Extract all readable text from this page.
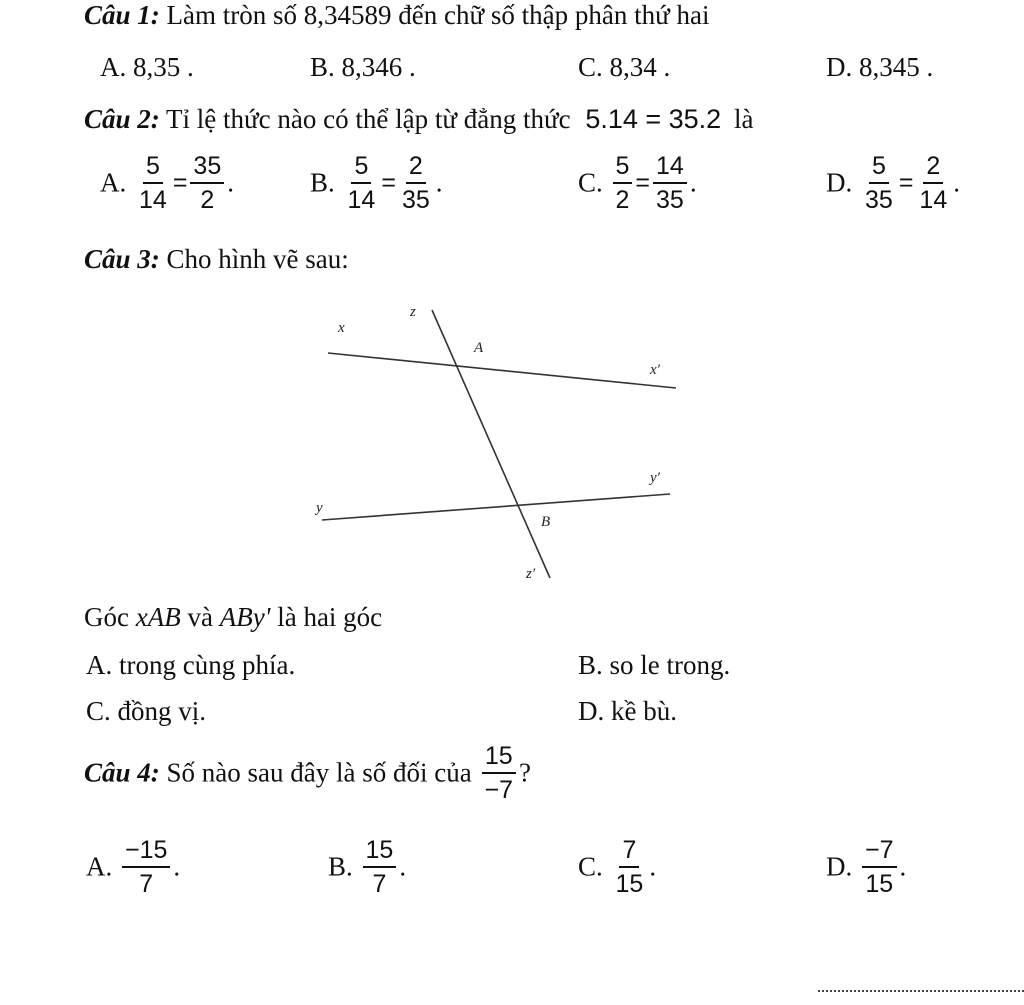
Câu 1: Làm tròn số 8,34589 đến chữ số thập phân thứ hai
A. 8,35 .	B. 8,346 .	C. 8,34 .	D. 8,345 .
Câu 2: Tỉ lệ thức nào có thể lập từ đẳng thức 5.14 = 35.2 là
A. $\frac{5}{14} = \frac{35}{2}$ .	B. $\frac{5}{14} = \frac{2}{35}$ .	C. $\frac{5}{2} = \frac{14}{35}$ .	D. $\frac{5}{35} = \frac{2}{14}$ .
Câu 3: Cho hình vẽ sau:
z
x
A
x′
y′
y
B
z′
Góc xAB và ABy' là hai góc
A. trong cùng phía.	B. so le trong.
C. đồng vị.	D. kề bù.
Câu 4: Số nào sau đây là số đối của $\frac{15}{-7}$ ?
A. $\frac{-15}{7}$ .	B. $\frac{15}{7}$ .	C. $\frac{7}{15}$ .	D. $\frac{-7}{15}$ .
